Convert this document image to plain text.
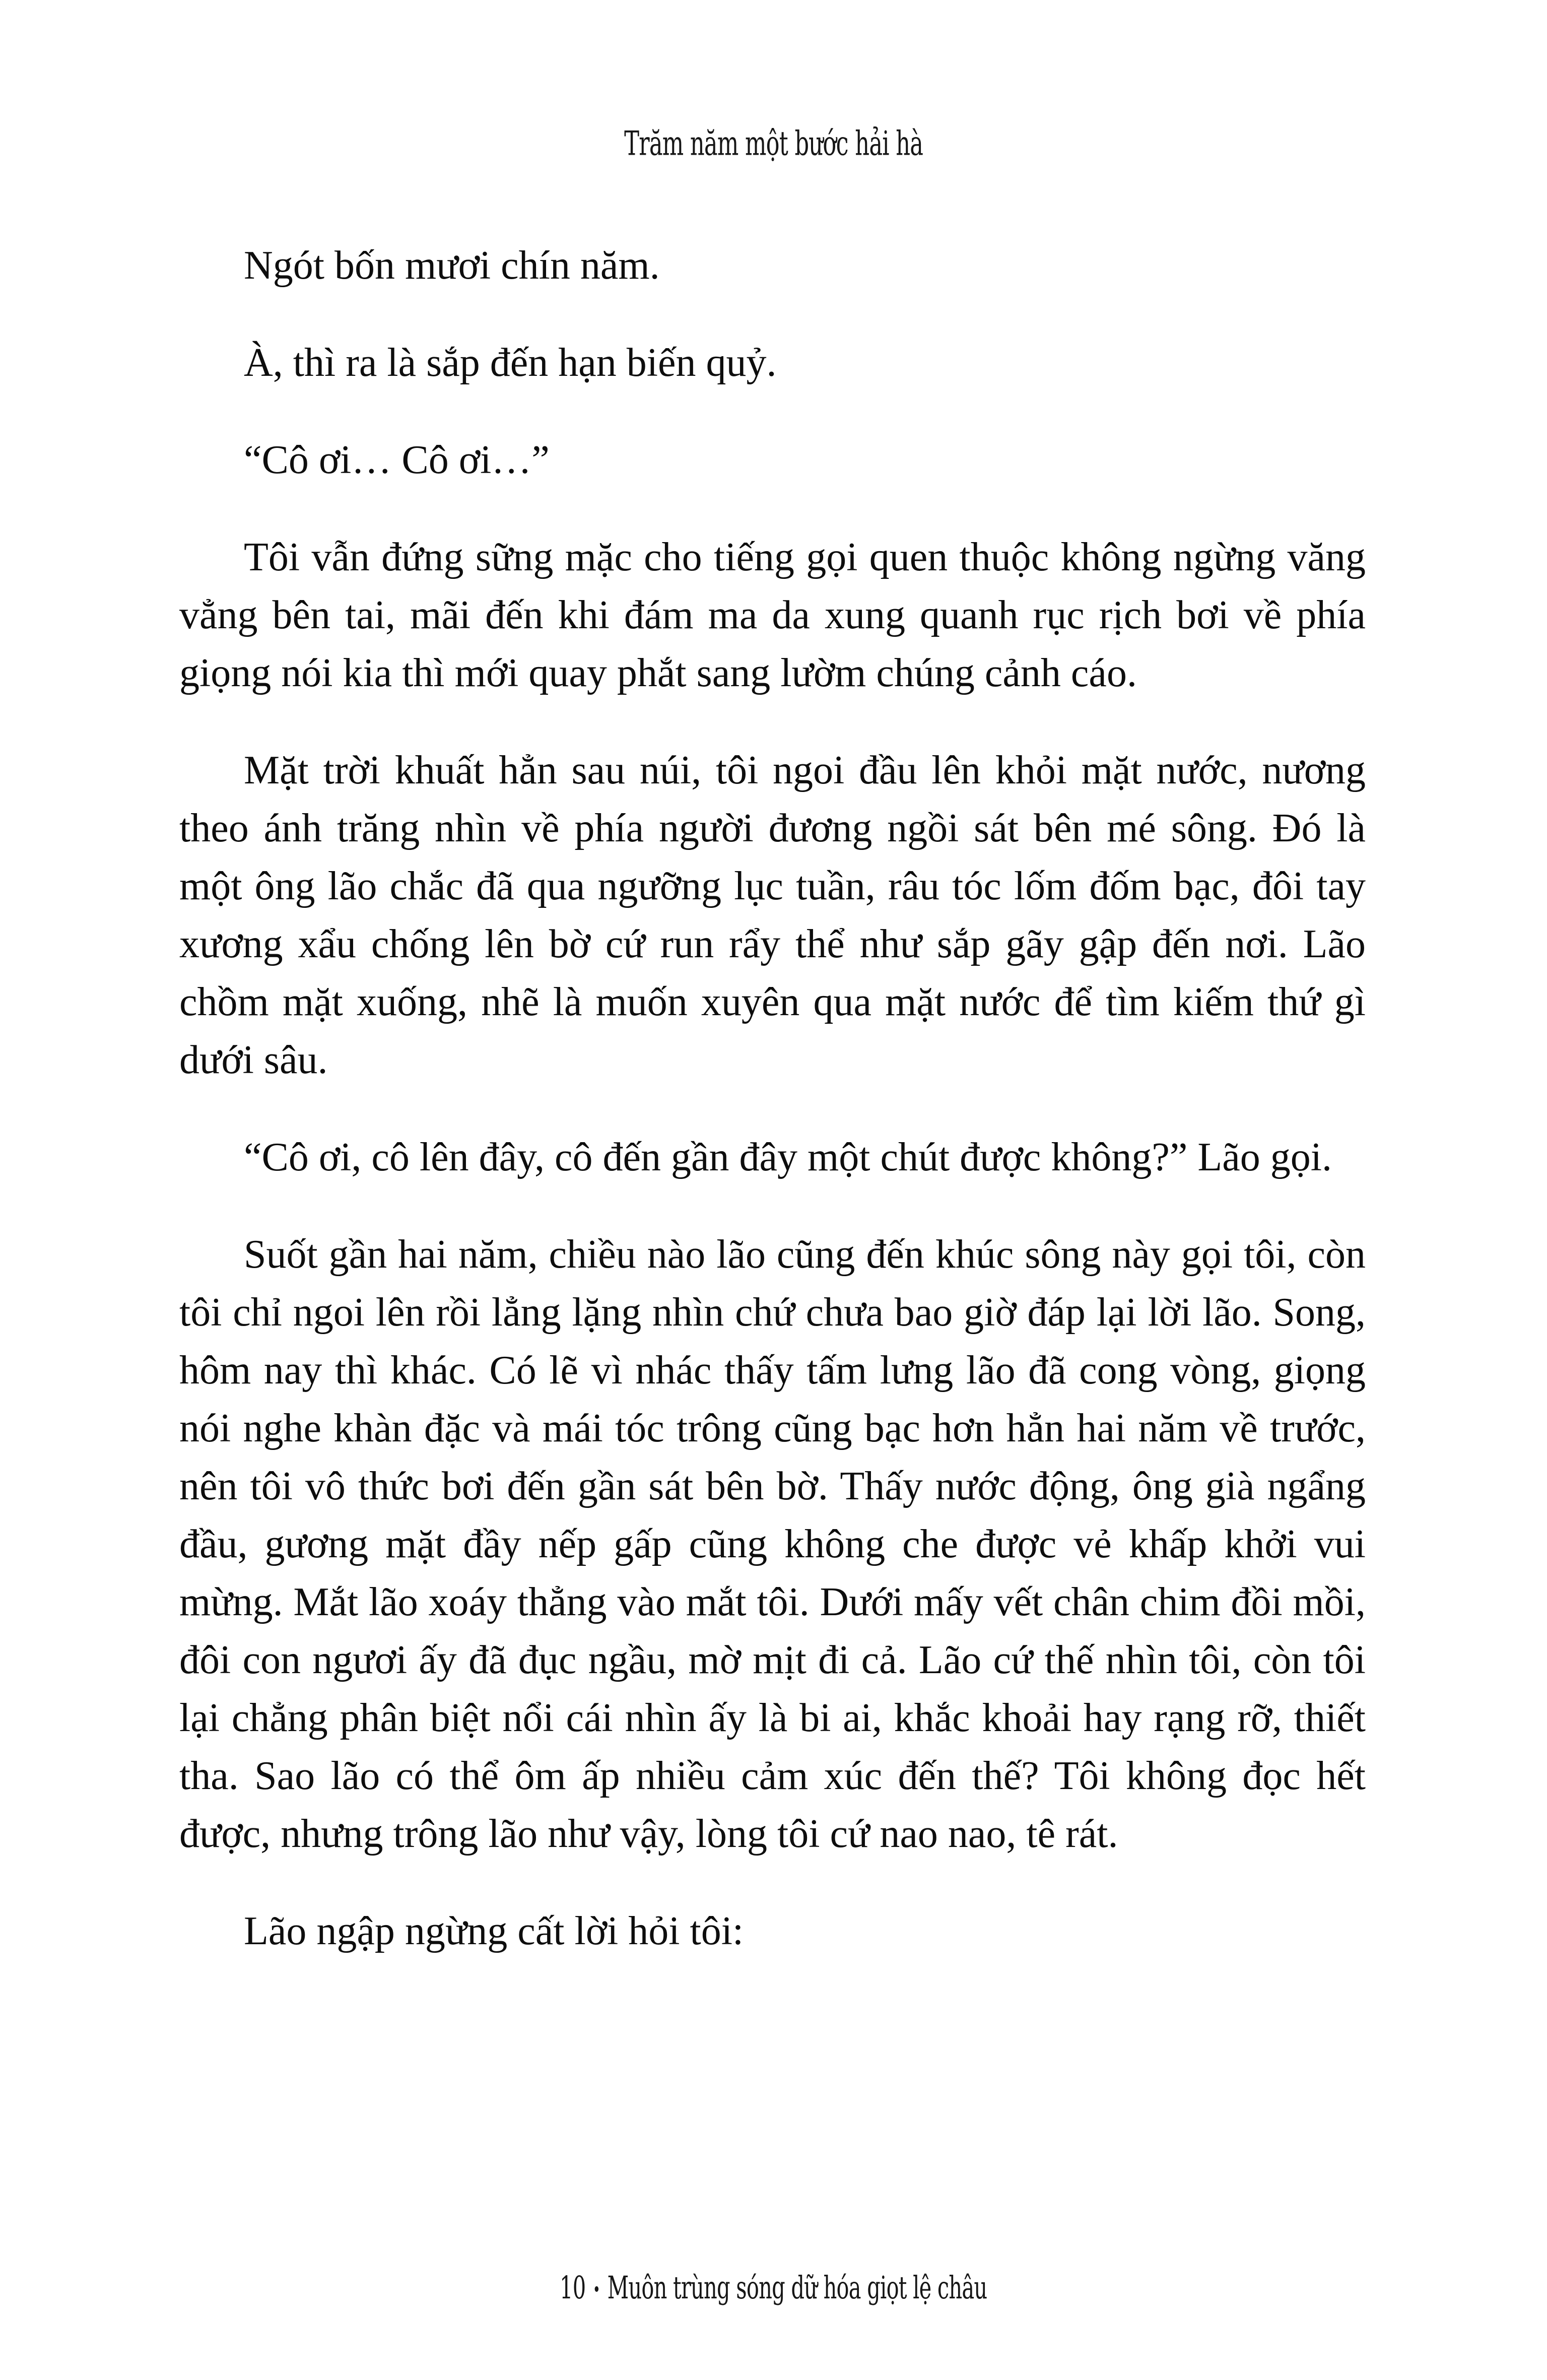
Trăm năm một bước hải hà

Ngót bốn mươi chín năm.

À, thì ra là sắp đến hạn biến quỷ.

“Cô ơi… Cô ơi…”

Tôi vẫn đứng sững mặc cho tiếng gọi quen thuộc không ngừng văng vẳng bên tai, mãi đến khi đám ma da xung quanh rục rịch bơi về phía giọng nói kia thì mới quay phắt sang lườm chúng cảnh cáo.

Mặt trời khuất hẳn sau núi, tôi ngoi đầu lên khỏi mặt nước, nương theo ánh trăng nhìn về phía người đương ngồi sát bên mé sông. Đó là một ông lão chắc đã qua ngưỡng lục tuần, râu tóc lốm đốm bạc, đôi tay xương xẩu chống lên bờ cứ run rẩy thể như sắp gãy gập đến nơi. Lão chồm mặt xuống, nhẽ là muốn xuyên qua mặt nước để tìm kiếm thứ gì dưới sâu.

“Cô ơi, cô lên đây, cô đến gần đây một chút được không?” Lão gọi.

Suốt gần hai năm, chiều nào lão cũng đến khúc sông này gọi tôi, còn tôi chỉ ngoi lên rồi lẳng lặng nhìn chứ chưa bao giờ đáp lại lời lão. Song, hôm nay thì khác. Có lẽ vì nhác thấy tấm lưng lão đã cong vòng, giọng nói nghe khàn đặc và mái tóc trông cũng bạc hơn hẳn hai năm về trước, nên tôi vô thức bơi đến gần sát bên bờ. Thấy nước động, ông già ngẩng đầu, gương mặt đầy nếp gấp cũng không che được vẻ khấp khởi vui mừng. Mắt lão xoáy thẳng vào mắt tôi. Dưới mấy vết chân chim đồi mồi, đôi con ngươi ấy đã đục ngầu, mờ mịt đi cả. Lão cứ thế nhìn tôi, còn tôi lại chẳng phân biệt nổi cái nhìn ấy là bi ai, khắc khoải hay rạng rỡ, thiết tha. Sao lão có thể ôm ấp nhiều cảm xúc đến thế? Tôi không đọc hết được, nhưng trông lão như vậy, lòng tôi cứ nao nao, tê rát.

Lão ngập ngừng cất lời hỏi tôi:

10 • Muôn trùng sóng dữ hóa giọt lệ châu
